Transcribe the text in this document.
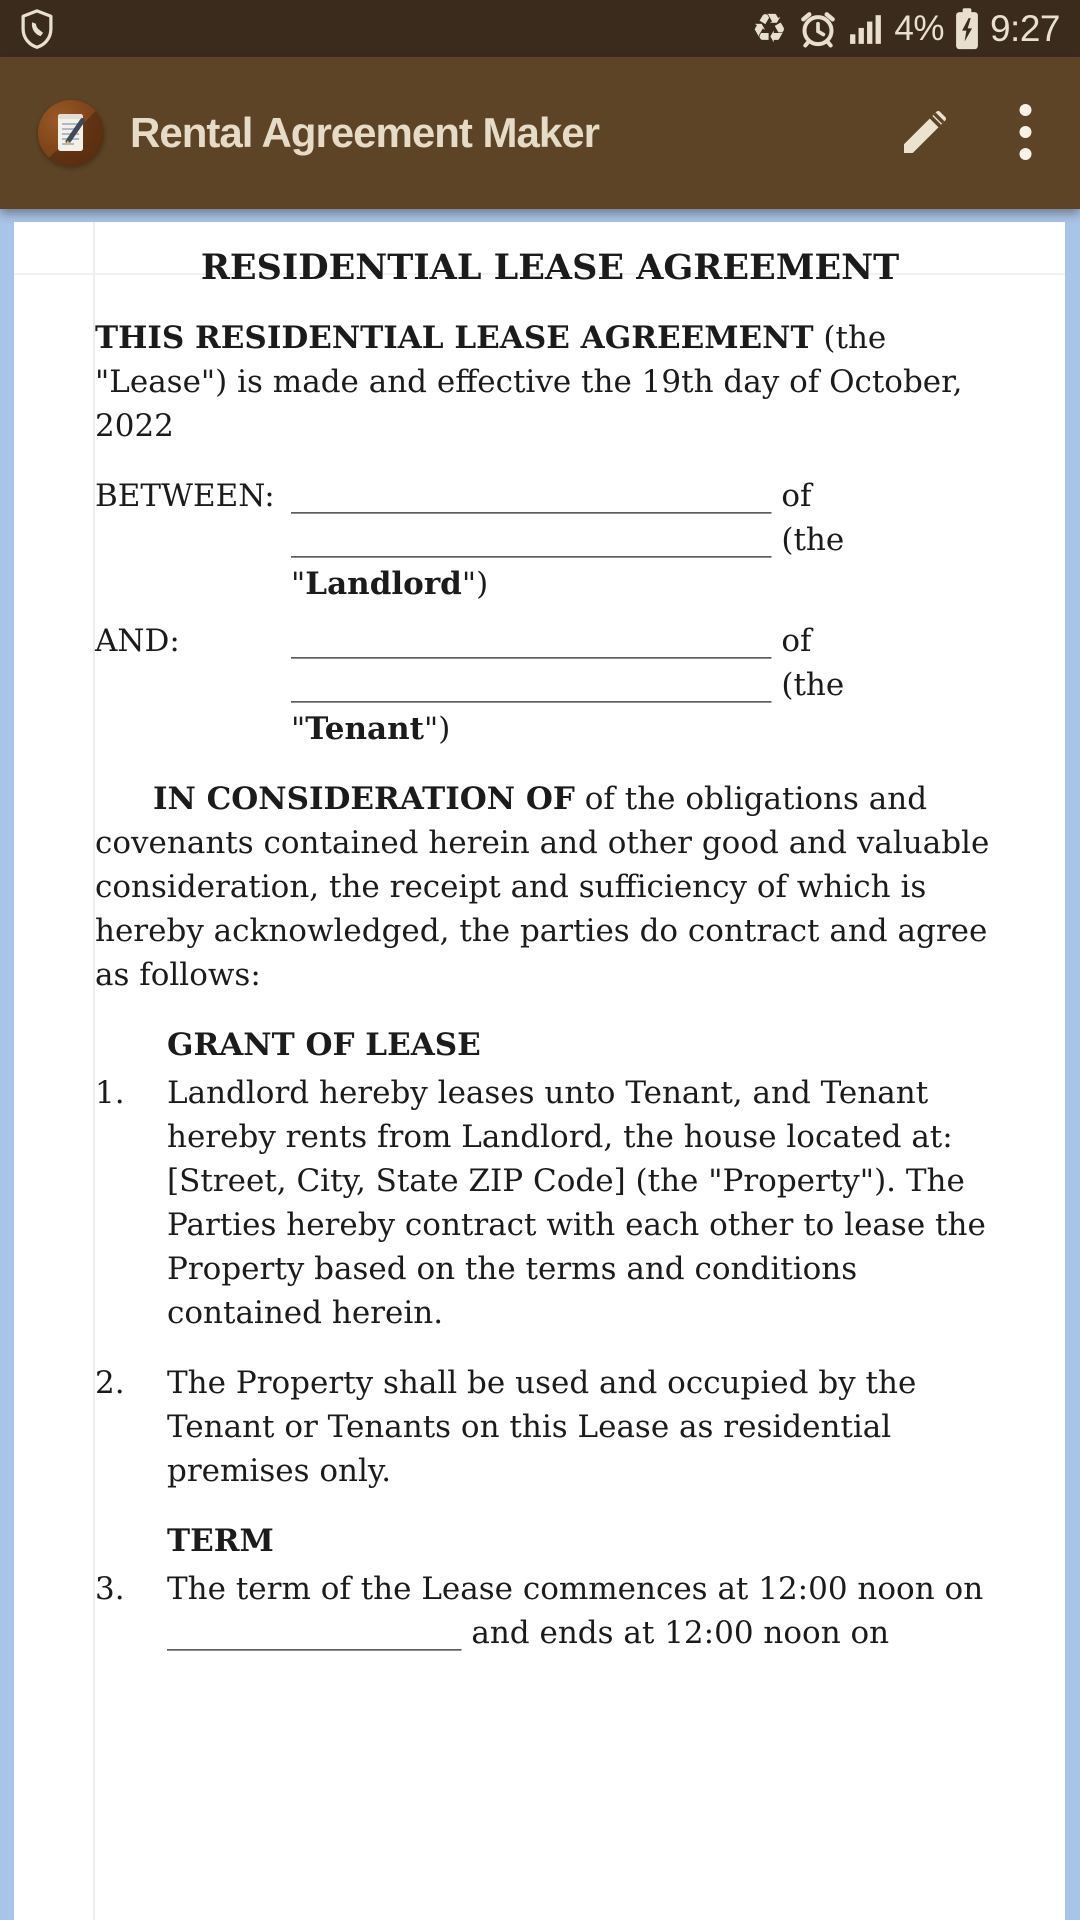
♻	4% 9:27
Rental Agreement Maker
RESIDENTIAL LEASE AGREEMENT
THIS RESIDENTIAL LEASE AGREEMENT (the "Lease") is made and effective the 19th day of October, 2022
BETWEEN: _______________________________ of _______________________________ (the "Landlord")
AND:	_______________________________ of _______________________________ (the "Tenant")
IN CONSIDERATION OF of the obligations and covenants contained herein and other good and valuable consideration, the receipt and sufficiency of which is hereby acknowledged, the parties do contract and agree as follows:
GRANT OF LEASE
1.	Landlord hereby leases unto Tenant, and Tenant hereby rents from Landlord, the house located at: [Street, City, State ZIP Code] (the "Property"). The Parties hereby contract with each other to lease the Property based on the terms and conditions contained herein.
2.	The Property shall be used and occupied by the Tenant or Tenants on this Lease as residential premises only.
TERM
3.	The term of the Lease commences at 12:00 noon on ___________________ and ends at 12:00 noon on
